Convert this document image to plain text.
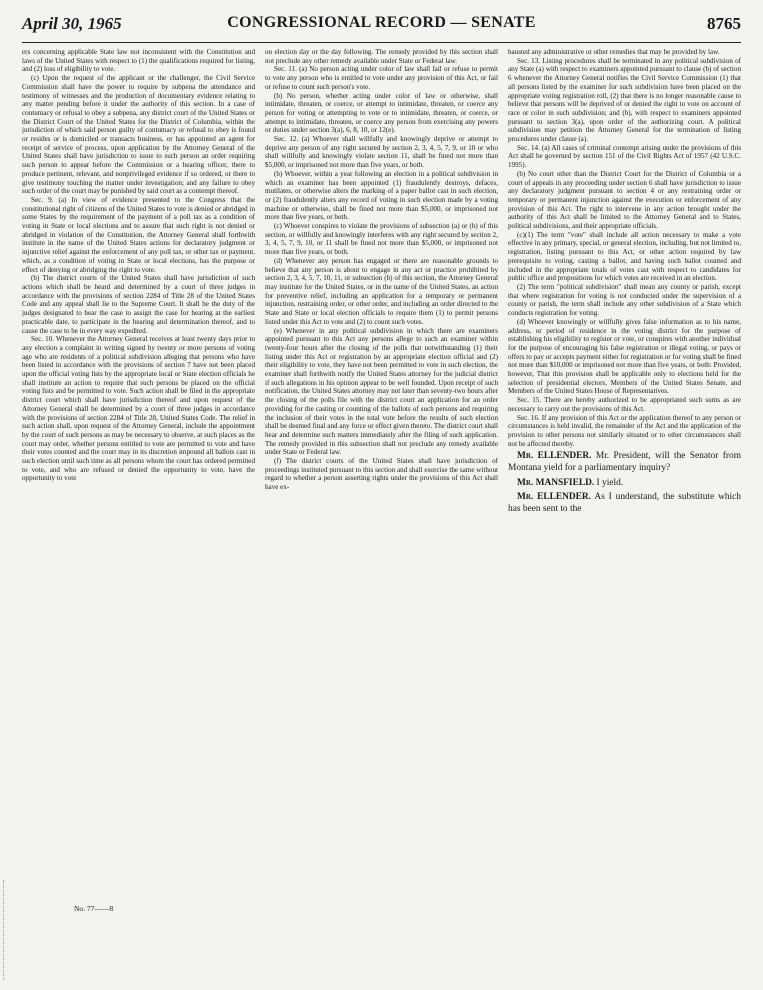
April 30, 1965	CONGRESSIONAL RECORD — SENATE	8765

ers concerning applicable State law not inconsistent with the Constitution and laws of the United States with respect to (1) the qualifications required for listing, and (2) loss of eligibility to vote.

(c) Upon the request of the applicant or the challenger, the Civil Service Commission shall have the power to require by subpena the attendance and testimony of witnesses and the production of documentary evidence relating to any matter pending before it under the authority of this section. In a case of contumacy or refusal to obey a subpena, any district court of the United States or the District Court of the United States for the District of Columbia, within the jurisdiction of which said person guilty of contumacy or refusal to obey is found or resides or is domiciled or transacts business, or has appointed an agent for receipt of service of process, upon application by the Attorney General of the United States shall have jurisdiction to issue to such person an order requiring such person to appear before the Commission or a hearing officer, there to produce pertinent, relevant, and nonprivileged evidence if so ordered, or there to give testimony touching the matter under investigation; and any failure to obey such order of the court may be punished by said court as a contempt thereof.

Sec. 9. (a) In view of evidence presented to the Congress that the constitutional right of citizens of the United States to vote is denied or abridged in some States by the requirement of the payment of a poll tax as a condition of voting in State or local elections and to assure that such right is not denied or abridged in violation of the Constitution, the Attorney General shall forthwith institute in the name of the United States actions for declaratory judgment or injunctive relief against the enforcement of any poll tax, or other tax or payment, which, as a condition of voting in State or local elections, has the purpose or effect of denying or abridging the right to vote.

(b) The district courts of the United States shall have jurisdiction of such actions which shall be heard and determined by a court of three judges in accordance with the provisions of section 2284 of Title 28 of the United States Code and any appeal shall lie to the Supreme Court. It shall be the duty of the judges designated to hear the case to assign the case for hearing at the earliest practicable date, to participate in the hearing and determination thereof, and to cause the case to be in every way expedited.

Sec. 10. Whenever the Attorney General receives at least twenty days prior to any election a complaint in writing signed by twenty or more persons of voting age who are residents of a political subdivision alleging that persons who have been listed in accordance with the provisions of section 7 have not been placed upon the official voting lists by the appropriate local or State election officials he shall institute an action to require that such persons be placed on the official voting lists and be permitted to vote. Such action shall be filed in the appropriate district court which shall have jurisdiction thereof and upon request of the Attorney General shall be determined by a court of three judges in accordance with the provisions of section 2284 of Title 28, United States Code. The relief in such action shall, upon request of the Attorney General, include the appointment by the court of such persons as may be necessary to observe, at such places as the court may order, whether persons entitled to vote are permitted to vote and have their votes counted and the court may in its discretion impound all ballots cast in such election until such time as all persons whom the court has ordered permitted to vote, and who are refused or denied the opportunity to vote, have the opportunity to vote

on election day or the day following. The remedy provided by this section shall not preclude any other remedy available under State or Federal law.

Sec. 11. (a) No person acting under color of law shall fail or refuse to permit to vote any person who is entitled to vote under any provision of this Act, or fail or refuse to count such person's vote.

(b) No person, whether acting under color of law or otherwise, shall intimidate, threaten, or coerce, or attempt to intimidate, threaten, or coerce any person for voting or attempting to vote or to intimidate, threaten, or coerce, or attempt to intimidate, threaten, or coerce any person from exercising any powers or duties under section 3(a), 6, 8, 10, or 12(e).

Sec. 12. (a) Whoever shall willfully and knowingly deprive or attempt to deprive any person of any right secured by section 2, 3, 4, 5, 7, 9, or 10 or who shall willfully and knowingly violate section 11, shall be fined not more than $5,000, or imprisoned not more than five years, or both.

(b) Whoever, within a year following an election in a political subdivision in which an examiner has been appointed (1) fraudulently destroys, defaces, mutilates, or otherwise alters the marking of a paper ballot cast in such election, or (2) fraudulently alters any record of voting in such election made by a voting machine or otherwise, shall be fined not more than $5,000, or imprisoned not more than five years, or both.

(c) Whoever conspires to violate the provisions of subsection (a) or (b) of this section, or willfully and knowingly interferes with any right secured by section 2, 3, 4, 5, 7, 9, 10, or 11 shall be fined not more than $5,000, or imprisoned not more than five years, or both.

(d) Whenever any person has engaged or there are reasonable grounds to believe that any person is about to engage in any act or practice prohibited by section 2, 3, 4, 5, 7, 10, 11, or subsection (b) of this section, the Attorney General may institute for the United States, or in the name of the United States, an action for preventive relief, including an application for a temporary or permanent injunction, restraining order, or other order, and including an order directed to the State and State or local election officials to require them (1) to permit persons listed under this Act to vote and (2) to count such votes.

(e) Whenever in any political subdivision in which there are examiners appointed pursuant to this Act any persons allege to such an examiner within twenty-four hours after the closing of the polls that notwithstanding (1) their listing under this Act or registration by an appropriate election official and (2) their eligibility to vote, they have not been permitted to vote in such election, the examiner shall forthwith notify the United States attorney for the judicial district if such allegations in his opinion appear to be well founded. Upon receipt of such notification, the United States attorney may not later than seventy-two hours after the closing of the polls file with the district court an application for an order providing for the casting or counting of the ballots of such persons and requiring the inclusion of their votes in the total vote before the results of such election shall be deemed final and any force or effect given thereto. The district court shall hear and determine such matters immediately after the filing of such application. The remedy provided in this subsection shall not preclude any remedy available under State or Federal law.

(f) The district courts of the United States shall have jurisdiction of proceedings instituted pursuant to this section and shall exercise the same without regard to whether a person asserting rights under the provisions of this Act shall have ex-

hausted any administrative or other remedies that may be provided by law.

Sec. 13. Listing procedures shall be terminated in any political subdivision of any State (a) with respect to examiners appointed pursuant to clause (b) of section 6 whenever the Attorney General notifies the Civil Service Commission (1) that all persons listed by the examiner for such subdivision have been placed on the appropriate voting registration roll, (2) that there is no longer reasonable cause to believe that persons will be deprived of or denied the right to vote on account of race or color in such subdivision; and (b), with respect to examiners appointed pursuant to section 3(a), upon order of the authorizing court. A political subdivision may petition the Attorney General for the termination of listing procedures under clause (a).

Sec. 14. (a) All cases of criminal contempt arising under the provisions of this Act shall be governed by section 151 of the Civil Rights Act of 1957 (42 U.S.C. 1995).

(b) No court other than the District Court for the District of Columbia or a court of appeals in any proceeding under section 6 shall have jurisdiction to issue any declaratory judgment pursuant to section 4 or any restraining order or temporary or permanent injunction against the execution or enforcement of any provision of this Act. The right to intervene in any action brought under the authority of this Act shall be limited to the Attorney General and to States, political subdivisions, and their appropriate officials.

(c)(1) The term "vote" shall include all action necessary to make a vote effective in any primary, special, or general election, including, but not limited to, registration, listing pursuant to this Act, or other action required by law prerequisite to voting, casting a ballot, and having such ballot counted and included in the appropriate totals of votes cast with respect to candidates for public office and propositions for which votes are received in an election.

(2) The term "political subdivision" shall mean any county or parish, except that where registration for voting is not conducted under the supervision of a county or parish, the term shall include any other subdivision of a State which conducts registration for voting.

(d) Whoever knowingly or willfully gives false information as to his name, address, or period of residence in the voting district for the purpose of establishing his eligibility to register or vote, or conspires with another individual for the purpose of encouraging his false registration or illegal voting, or pays or offers to pay or accepts payment either for registration or for voting shall be fined not more than $10,000 or imprisoned not more than five years, or both: Provided, however, That this provision shall be applicable only to elections held for the selection of presidential electors, Members of the United States Senate, and Members of the United States House of Representatives.

Sec. 15. There are hereby authorized to be appropriated such sums as are necessary to carry out the provisions of this Act.

Sec. 16. If any provision of this Act or the application thereof to any person or circumstances is held invalid, the remainder of the Act and the application of the provision to other persons not similarly situated or to other circumstances shall not be affected thereby.

Mr. ELLENDER. Mr. President, will the Senator from Montana yield for a parliamentary inquiry?

Mr. MANSFIELD. I yield.

Mr. ELLENDER. As I understand, the substitute which has been sent to the

No. 77——8
